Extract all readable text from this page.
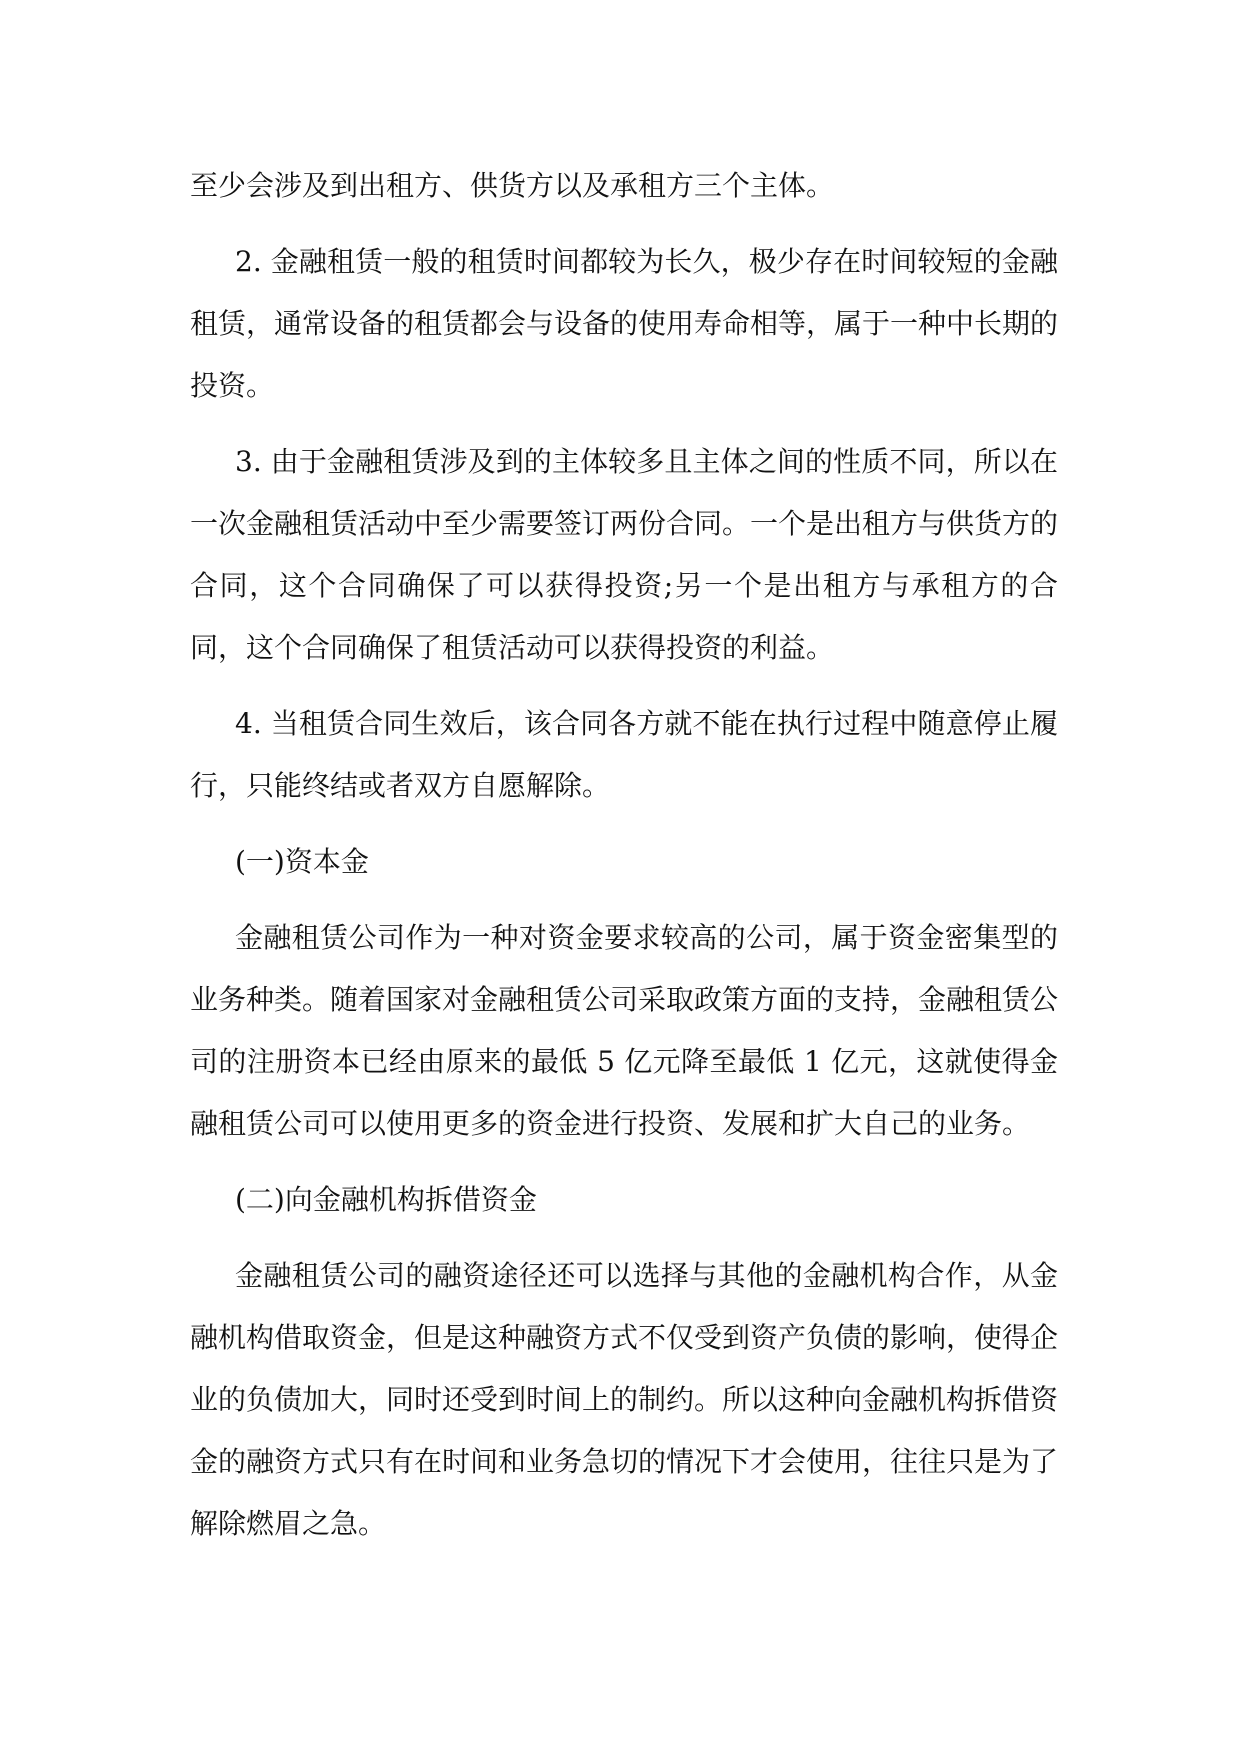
至少会涉及到出租方、供货方以及承租方三个主体。

2. 金融租赁一般的租赁时间都较为长久，极少存在时间较短的金融租赁，通常设备的租赁都会与设备的使用寿命相等，属于一种中长期的投资。

3. 由于金融租赁涉及到的主体较多且主体之间的性质不同，所以在一次金融租赁活动中至少需要签订两份合同。一个是出租方与供货方的合同，这个合同确保了可以获得投资;另一个是出租方与承租方的合同，这个合同确保了租赁活动可以获得投资的利益。

4. 当租赁合同生效后，该合同各方就不能在执行过程中随意停止履行，只能终结或者双方自愿解除。

(一)资本金

金融租赁公司作为一种对资金要求较高的公司，属于资金密集型的业务种类。随着国家对金融租赁公司采取政策方面的支持，金融租赁公司的注册资本已经由原来的最低 5 亿元降至最低 1 亿元，这就使得金融租赁公司可以使用更多的资金进行投资、发展和扩大自己的业务。

(二)向金融机构拆借资金

金融租赁公司的融资途径还可以选择与其他的金融机构合作，从金融机构借取资金，但是这种融资方式不仅受到资产负债的影响，使得企业的负债加大，同时还受到时间上的制约。所以这种向金融机构拆借资金的融资方式只有在时间和业务急切的情况下才会使用，往往只是为了解除燃眉之急。
